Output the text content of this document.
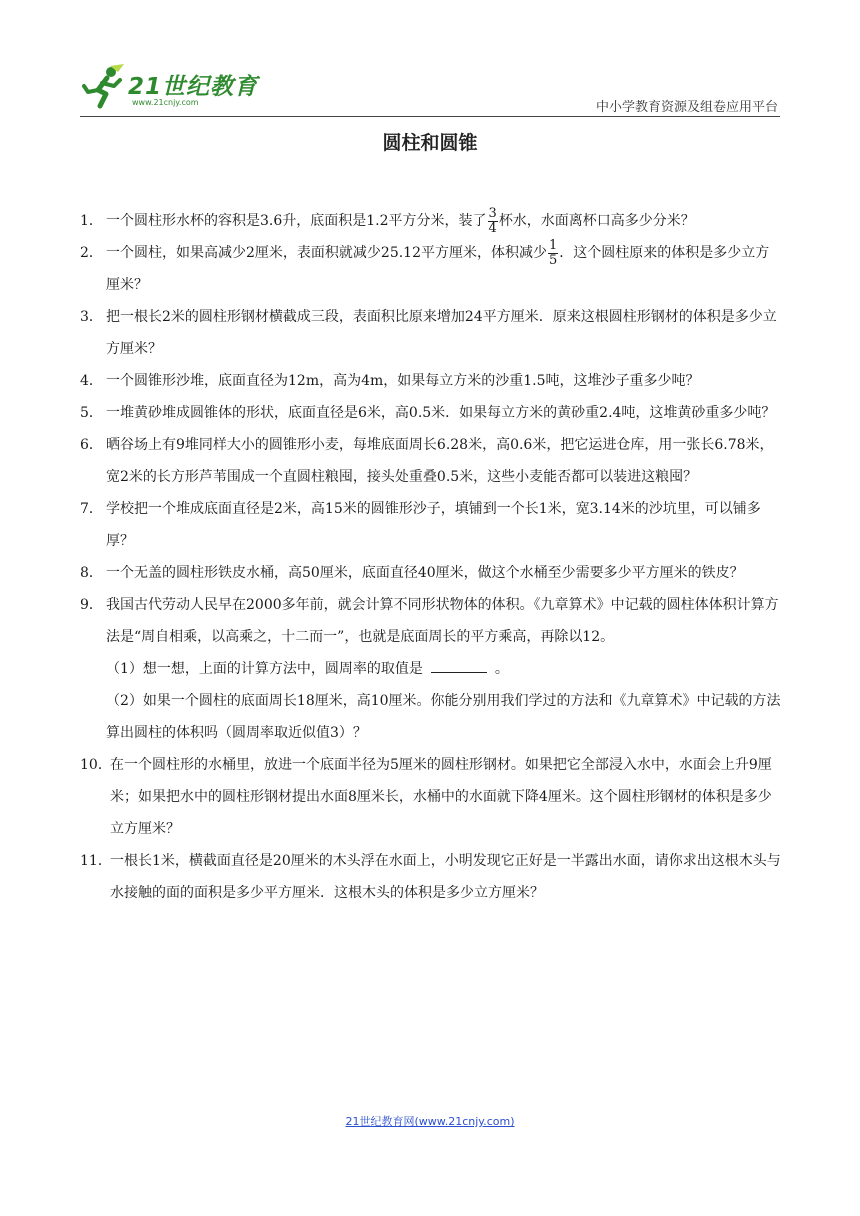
21世纪教育
www.21cnjy.com	中小学教育资源及组卷应用平台
圆柱和圆锥

1． 一个圆柱形水杯的容积是3.6升，底面积是1.2平方分米，装了 $\frac{3}{4}$ 杯水，水面离杯口高多少分米？

2． 一个圆柱，如果高减少2厘米，表面积就减少25.12平方厘米，体积减少 $\frac{1}{5}$ ．这个圆柱原来的体积是多少立方厘米？

3． 把一根长2米的圆柱形钢材横截成三段，表面积比原来增加24平方厘米．原来这根圆柱形钢材的体积是多少立方厘米？

4． 一个圆锥形沙堆，底面直径为12m，高为4m，如果每立方米的沙重1.5吨，这堆沙子重多少吨？

5． 一堆黄砂堆成圆锥体的形状，底面直径是6米，高0.5米．如果每立方米的黄砂重2.4吨，这堆黄砂重多少吨？

6． 晒谷场上有9堆同样大小的圆锥形小麦，每堆底面周长6.28米，高0.6米，把它运进仓库，用一张长6.78米，宽2米的长方形芦苇围成一个直圆柱粮囤，接头处重叠0.5米，这些小麦能否都可以装进这粮囤？

7． 学校把一个堆成底面直径是2米，高15米的圆锥形沙子，填铺到一个长1米，宽3.14米的沙坑里，可以铺多厚？

8． 一个无盖的圆柱形铁皮水桶，高50厘米，底面直径40厘米，做这个水桶至少需要多少平方厘米的铁皮？

9． 我国古代劳动人民早在2000多年前，就会计算不同形状物体的体积。《九章算术》中记载的圆柱体体积计算方法是“周自相乘，以高乘之，十二而一”，也就是底面周长的平方乘高，再除以12。

（1）想一想，上面的计算方法中，圆周率的取值是	。

（2）如果一个圆柱的底面周长18厘米，高10厘米。你能分别用我们学过的方法和《九章算术》中记载的方法算出圆柱的体积吗（圆周率取近似值3）？

10．在一个圆柱形的水桶里，放进一个底面半径为5厘米的圆柱形钢材。如果把它全部浸入水中，水面会上升9厘米；如果把水中的圆柱形钢材提出水面8厘米长，水桶中的水面就下降4厘米。这个圆柱形钢材的体积是多少立方厘米？

11．一根长1米，横截面直径是20厘米的木头浮在水面上，小明发现它正好是一半露出水面，请你求出这根木头与水接触的面的面积是多少平方厘米．这根木头的体积是多少立方厘米？

21世纪教育网(www.21cnjy.com)
